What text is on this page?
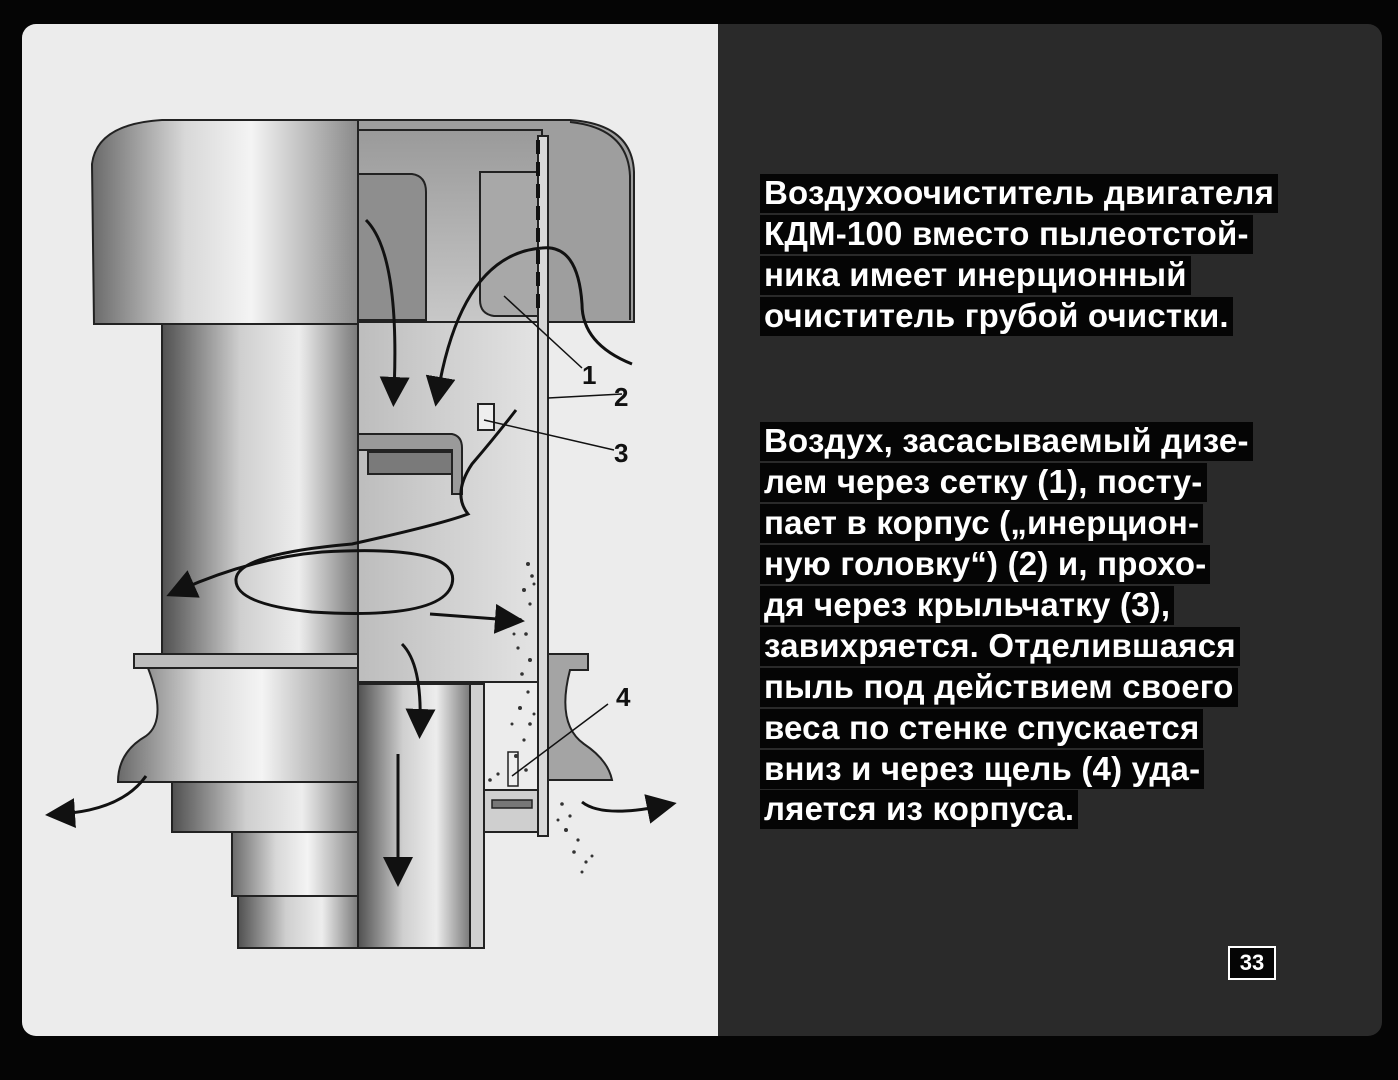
1
2
3
4
Воздухоочиститель двигателя
КДМ-100 вместо пылеотстой-
ника имеет инерционный
очиститель грубой очистки.
Воздух, засасываемый дизе-
лем через сетку (1), посту-
пает в корпус („инерцион-
ную головку“) (2) и, прохо-
дя через крыльчатку (3),
завихряется. Отделившаяся
пыль под действием своего
веса по стенке спускается
вниз и через щель (4) уда-
ляется из корпуса.
33
